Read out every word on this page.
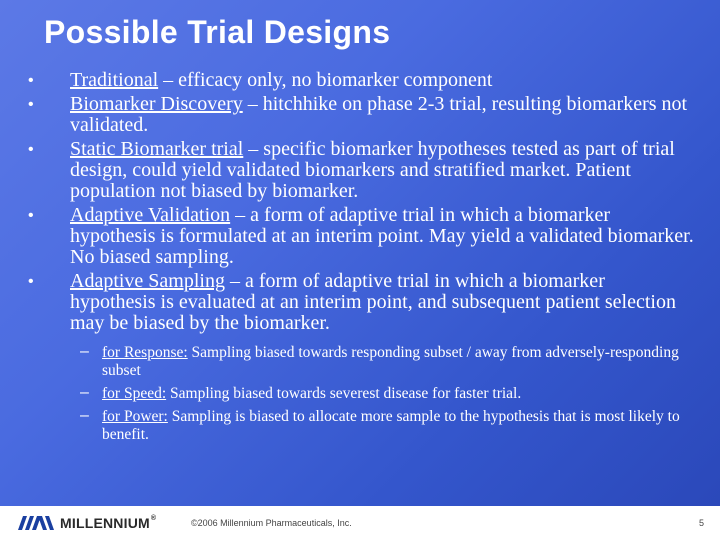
Possible Trial Designs
• Traditional – efficacy only, no biomarker component
• Biomarker Discovery – hitchhike on phase 2-3 trial, resulting biomarkers not validated.
• Static Biomarker trial – specific biomarker hypotheses tested as part of trial design, could yield validated biomarkers and stratified market. Patient population not biased by biomarker.
• Adaptive Validation – a form of adaptive trial in which a biomarker hypothesis is formulated at an interim point. May yield a validated biomarker. No biased sampling.
• Adaptive Sampling – a form of adaptive trial in which a biomarker hypothesis is evaluated at an interim point, and subsequent patient selection may be biased by the biomarker.
– for Response: Sampling biased towards responding subset / away from adversely-responding subset
– for Speed: Sampling biased towards severest disease for faster trial.
– for Power: Sampling is biased to allocate more sample to the hypothesis that is most likely to benefit.
MILLENNIUM®	©2006 Millennium Pharmaceuticals, Inc.	5
